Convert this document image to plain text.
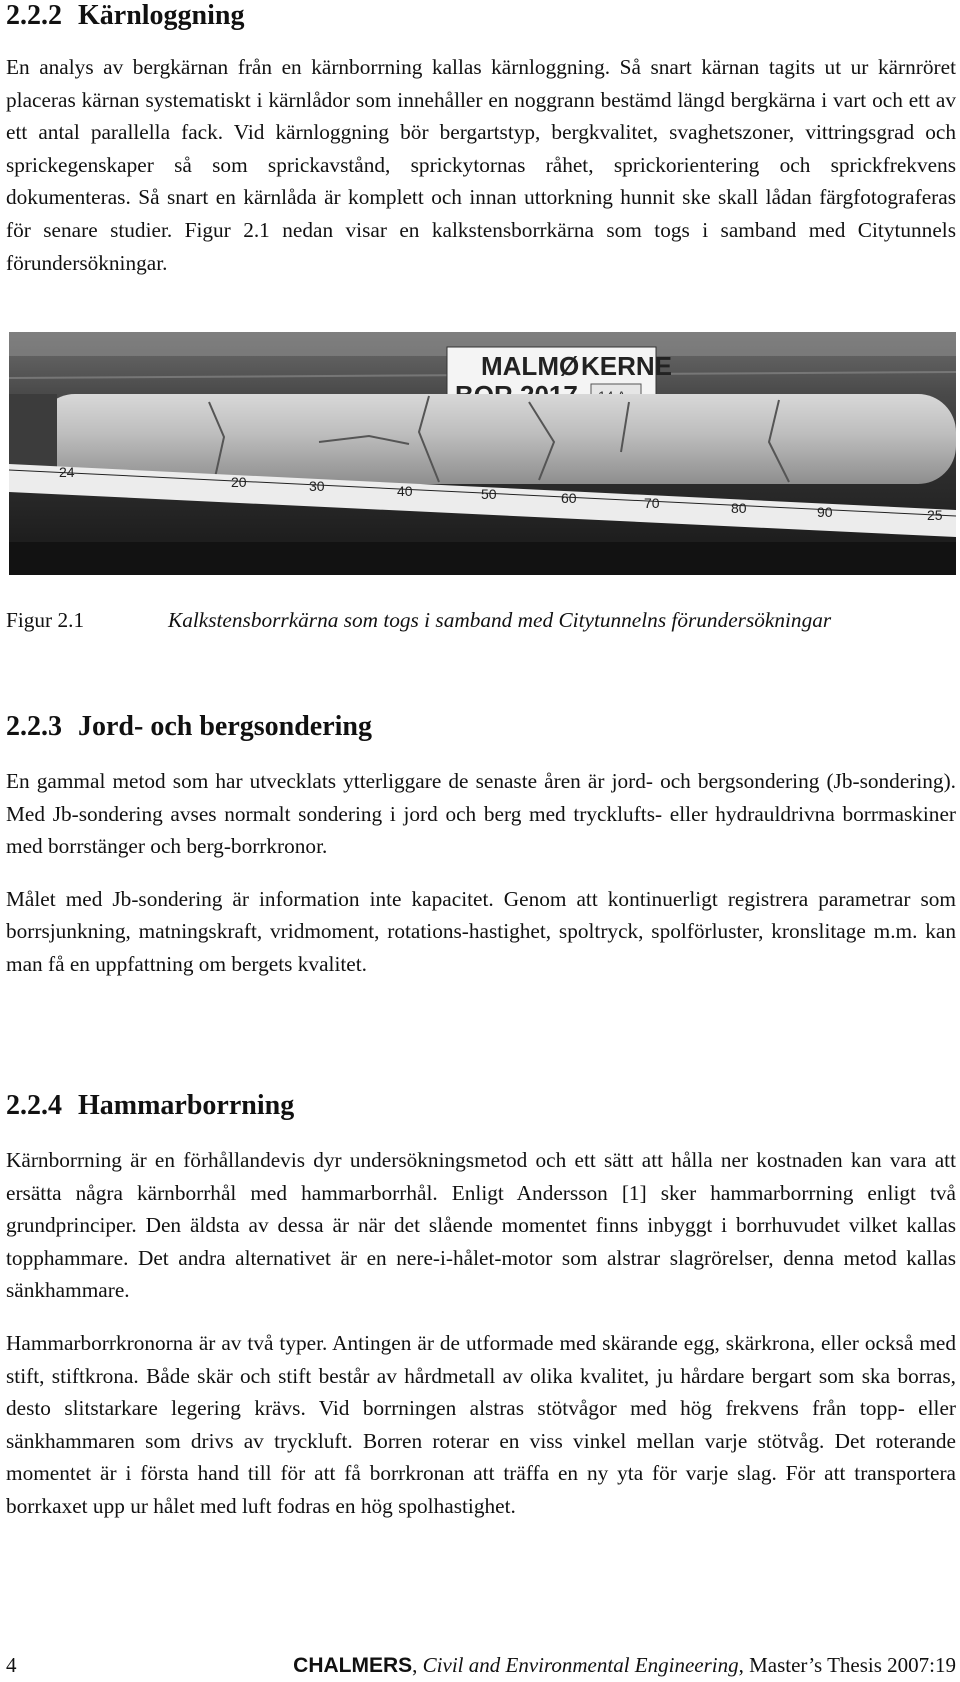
2.2.2 Kärnloggning

En analys av bergkärnan från en kärnborrning kallas kärnloggning. Så snart kärnan tagits ut ur kärnröret placeras kärnan systematiskt i kärnlådor som innehåller en noggrann bestämd längd bergkärna i vart och ett av ett antal parallella fack. Vid kärnloggning bör bergartstyp, bergkvalitet, svaghetszoner, vittringsgrad och sprickegenskaper så som sprickavstånd, sprickytornas råhet, sprickorientering och sprickfrekvens dokumenteras. Så snart en kärnlåda är komplett och innan uttorkning hunnit ske skall lådan färgfotograferas för senare studier. Figur 2.1 nedan visar en kalkstensborrkärna som togs i samband med Citytunnels förundersökningar.

MALMØ KERNE
24
20	30	40	50	60	70	80	90	25
Figur 2.1	Kalkstensborrkärna som togs i samband med Citytunnelns förundersökningar
2.2.3 Jord- och bergsondering

En gammal metod som har utvecklats ytterliggare de senaste åren är jord- och bergsondering (Jb-sondering). Med Jb-sondering avses normalt sondering i jord och berg med trycklufts- eller hydrauldrivna borrmaskiner med borrstänger och berg-borrkronor.

Målet med Jb-sondering är information inte kapacitet. Genom att kontinuerligt registrera parametrar som borrsjunkning, matningskraft, vridmoment, rotations-hastighet, spoltryck, spolförluster, kronslitage m.m. kan man få en uppfattning om bergets kvalitet.

2.2.4 Hammarborrning

Kärnborrning är en förhållandevis dyr undersökningsmetod och ett sätt att hålla ner kostnaden kan vara att ersätta några kärnborrhål med hammarborrhål. Enligt Andersson [1] sker hammarborrning enligt två grundprinciper. Den äldsta av dessa är när det slående momentet finns inbyggt i borrhuvudet vilket kallas topphammare. Det andra alternativet är en nere-i-hålet-motor som alstrar slagrörelser, denna metod kallas sänkhammare.

Hammarborrkronorna är av två typer. Antingen är de utformade med skärande egg, skärkrona, eller också med stift, stiftkrona. Både skär och stift består av hårdmetall av olika kvalitet, ju hårdare bergart som ska borras, desto slitstarkare legering krävs. Vid borrningen alstras stötvågor med hög frekvens från topp- eller sänkhammaren som drivs av tryckluft. Borren roterar en viss vinkel mellan varje stötvåg. Det roterande momentet är i första hand till för att få borrkronan att träffa en ny yta för varje slag. För att transportera borrkaxet upp ur hålet med luft fodras en hög spolhastighet.

4	CHALMERS, Civil and Environmental Engineering, Master’s Thesis 2007:19
